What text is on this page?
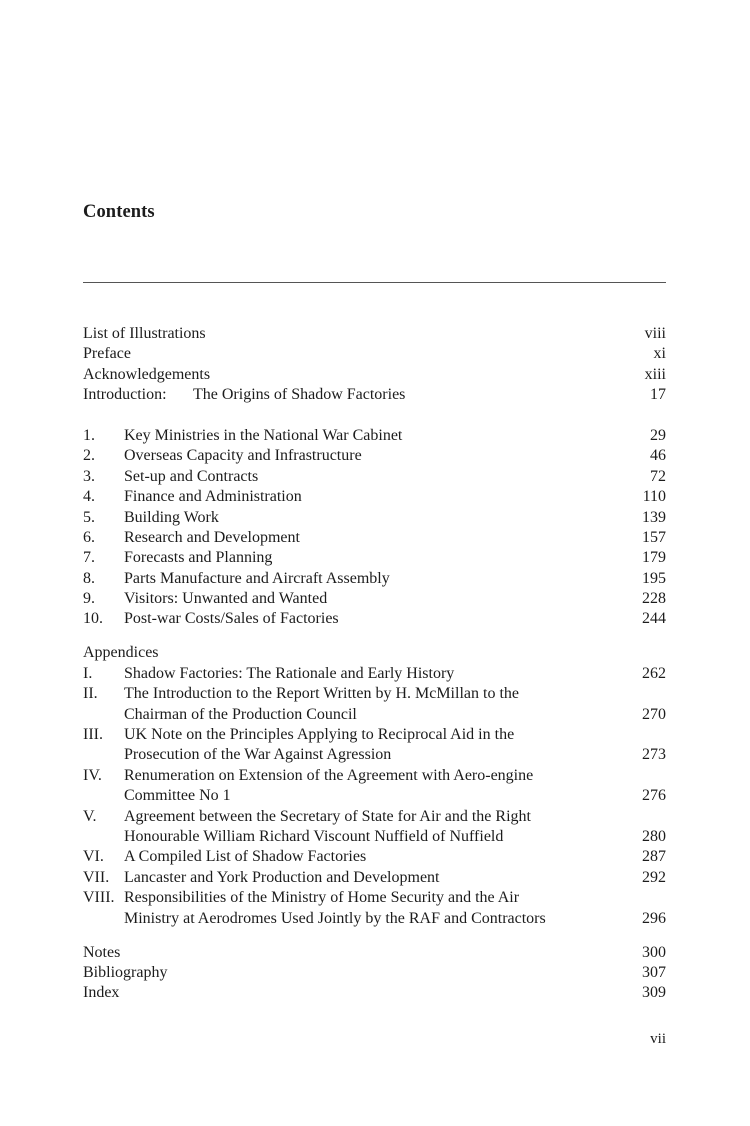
Contents
List of Illustrations	viii
Preface	xi
Acknowledgements	xiii
Introduction: The Origins of Shadow Factories	17
1. Key Ministries in the National War Cabinet	29
2. Overseas Capacity and Infrastructure	46
3. Set-up and Contracts	72
4. Finance and Administration	110
5. Building Work	139
6. Research and Development	157
7. Forecasts and Planning	179
8. Parts Manufacture and Aircraft Assembly	195
9. Visitors: Unwanted and Wanted	228
10. Post-war Costs/Sales of Factories	244
Appendices
I. Shadow Factories: The Rationale and Early History	262
II. The Introduction to the Report Written by H. McMillan to the
Chairman of the Production Council	270
III. UK Note on the Principles Applying to Reciprocal Aid in the
Prosecution of the War Against Agression	273
IV. Renumeration on Extension of the Agreement with Aero-engine
Committee No 1	276
V. Agreement between the Secretary of State for Air and the Right
Honourable William Richard Viscount Nuffield of Nuffield	280
VI. A Compiled List of Shadow Factories	287
VII. Lancaster and York Production and Development	292
VIII. Responsibilities of the Ministry of Home Security and the Air
Ministry at Aerodromes Used Jointly by the RAF and Contractors	296
Notes	300
Bibliography	307
Index	309
vii
